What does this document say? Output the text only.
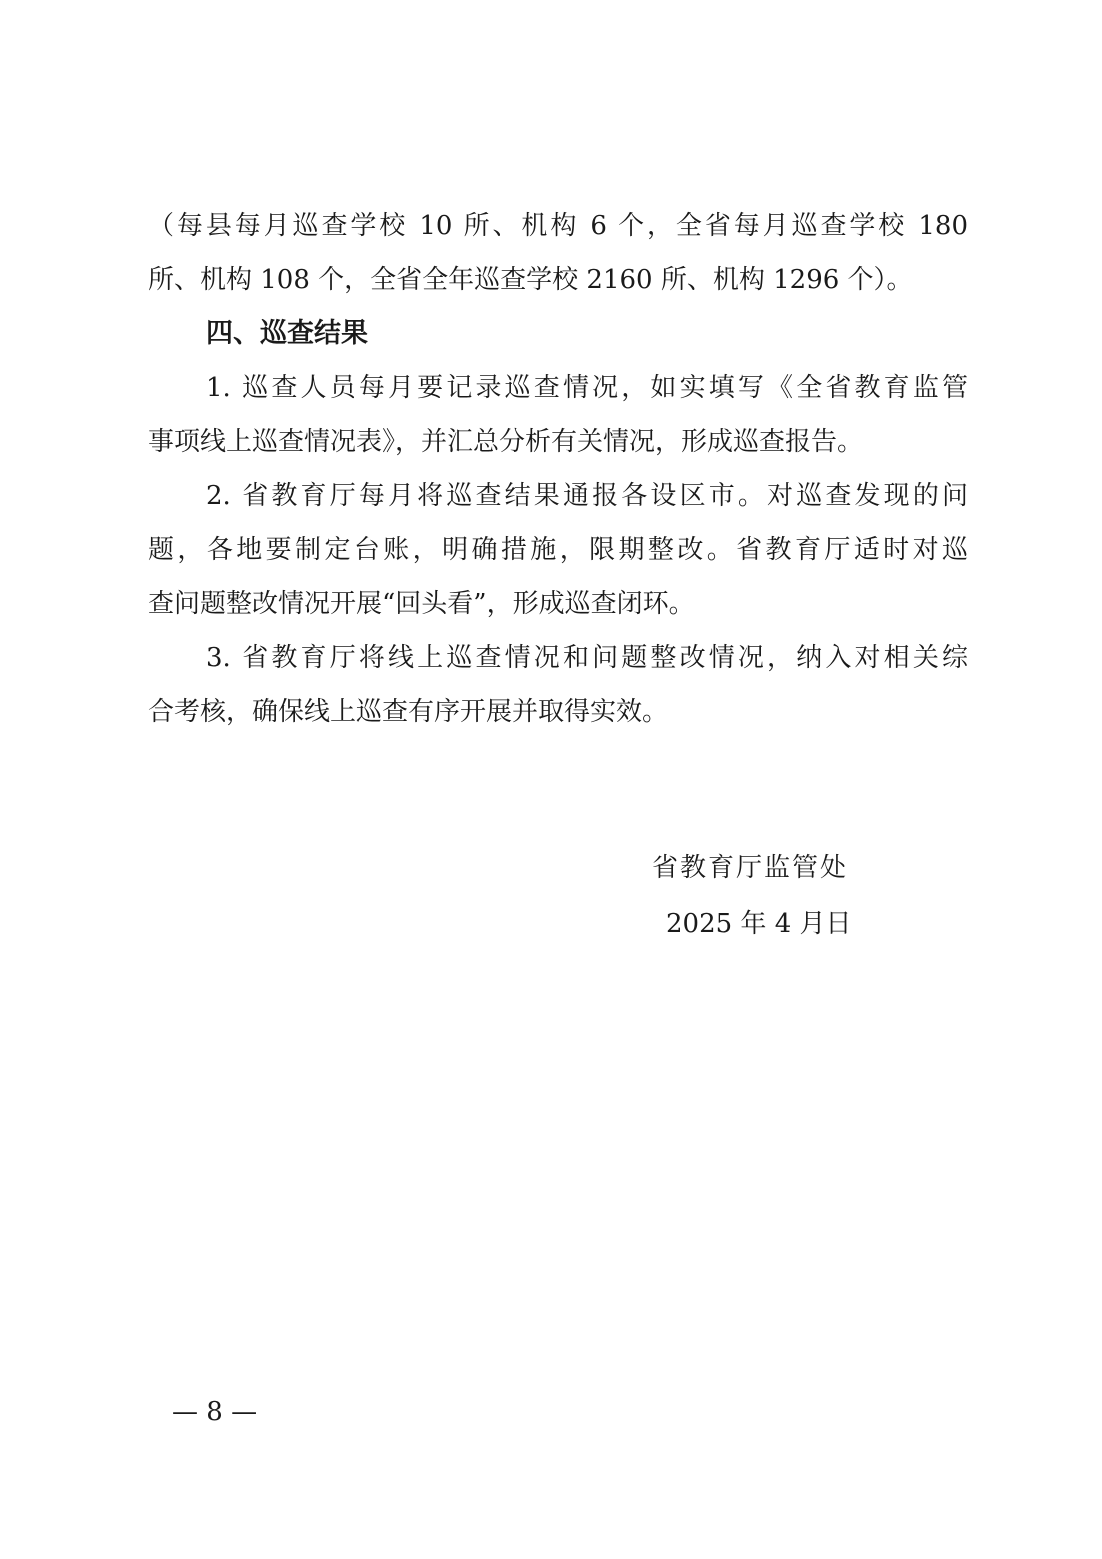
（每县每月巡查学校 10 所、机构 6 个，全省每月巡查学校 180
所、机构 108 个，全省全年巡查学校 2160 所、机构 1296 个）。
四、巡查结果
1. 巡查人员每月要记录巡查情况，如实填写《全省教育监管
事项线上巡查情况表》，并汇总分析有关情况，形成巡查报告。
2. 省教育厅每月将巡查结果通报各设区市。对巡查发现的问
题，各地要制定台账，明确措施，限期整改。省教育厅适时对巡
查问题整改情况开展“回头看”，形成巡查闭环。
3. 省教育厅将线上巡查情况和问题整改情况，纳入对相关综
合考核，确保线上巡查有序开展并取得实效。
省教育厅监管处
2025 年 4 月日
— 8 —
